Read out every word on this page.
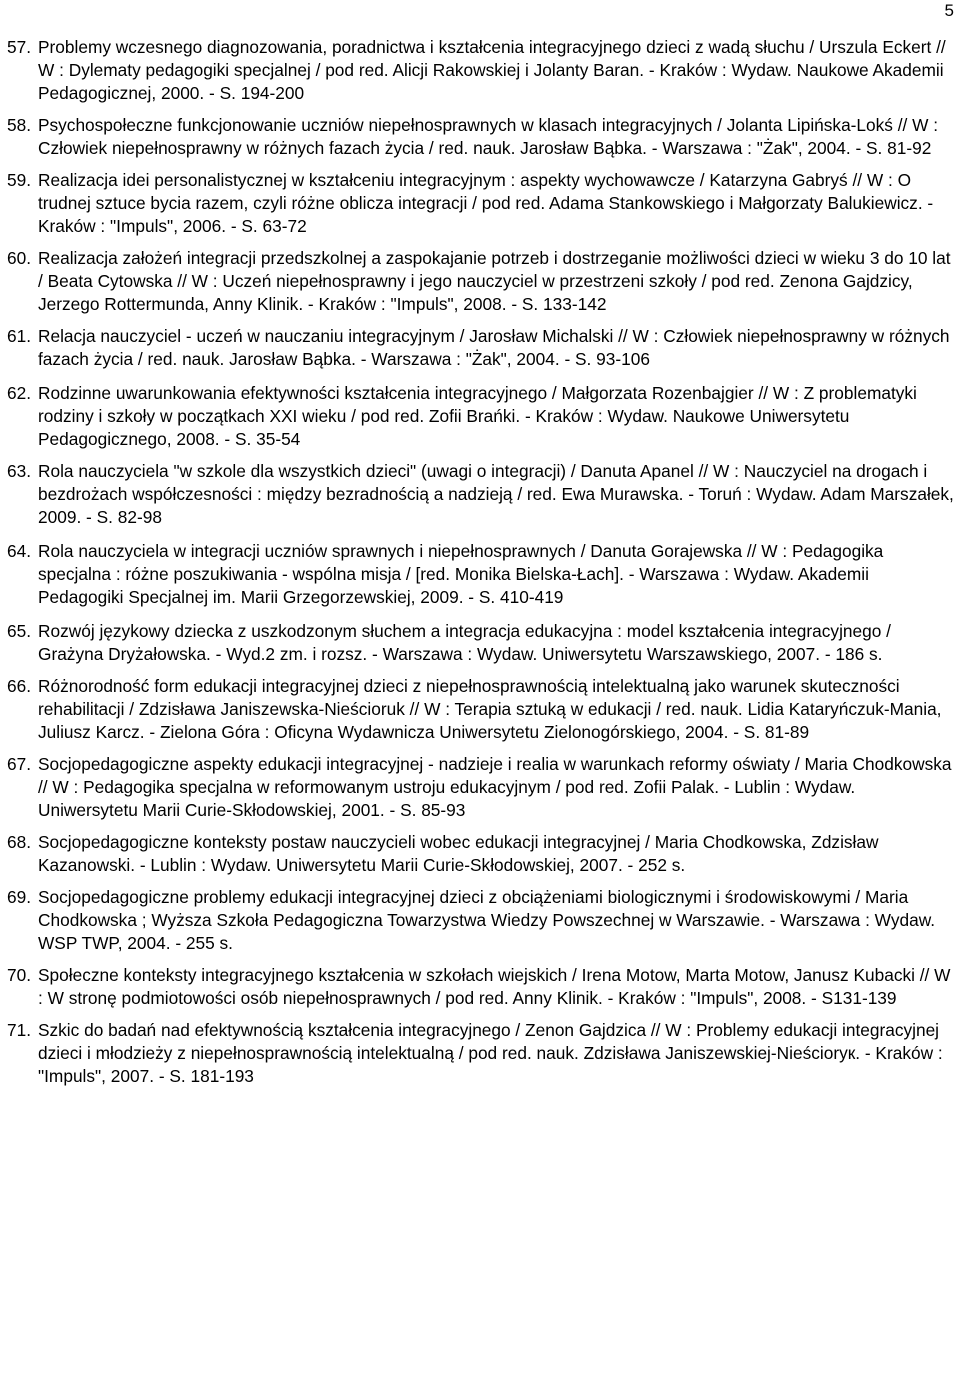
5
57. Problemy wczesnego diagnozowania, poradnictwa i kształcenia integracyjnego dzieci z wadą słuchu / Urszula Eckert // W : Dylematy pedagogiki specjalnej / pod red. Alicji Rakowskiej i Jolanty Baran. - Kraków : Wydaw. Naukowe Akademii Pedagogicznej, 2000. - S. 194-200
58. Psychospołeczne funkcjonowanie uczniów niepełnosprawnych w klasach integracyjnych / Jolanta Lipińska-Lokś // W : Człowiek niepełnosprawny w różnych fazach życia / red. nauk. Jarosław Bąbka. - Warszawa : "Żak", 2004. - S. 81-92
59. Realizacja idei personalistycznej w kształceniu integracyjnym : aspekty wychowawcze / Katarzyna Gabryś // W : O trudnej sztuce bycia razem, czyli różne oblicza integracji / pod red. Adama Stankowskiego i Małgorzaty Balukiewicz. - Kraków : "Impuls", 2006. - S. 63-72
60. Realizacja założeń integracji przedszkolnej a zaspokajanie potrzeb i dostrzeganie możliwości dzieci w wieku 3 do 10 lat / Beata Cytowska // W : Uczeń niepełnosprawny i jego nauczyciel w przestrzeni szkoły / pod red. Zenona Gajdzicy, Jerzego Rottermunda, Anny Klinik. - Kraków : "Impuls", 2008. - S. 133-142
61. Relacja nauczyciel - uczeń w nauczaniu integracyjnym / Jarosław Michalski // W : Człowiek niepełnosprawny w różnych fazach życia / red. nauk. Jarosław Bąbka. - Warszawa : "Żak", 2004. - S. 93-106
62. Rodzinne uwarunkowania efektywności kształcenia integracyjnego / Małgorzata Rozenbajgier // W : Z problematyki rodziny i szkoły w początkach XXI wieku / pod red. Zofii Brańki. - Kraków : Wydaw. Naukowe Uniwersytetu Pedagogicznego, 2008. - S. 35-54
63. Rola nauczyciela "w szkole dla wszystkich dzieci" (uwagi o integracji) / Danuta Apanel // W : Nauczyciel na drogach i bezdrożach współczesności : między bezradnością a nadzieją / red. Ewa Murawska. - Toruń : Wydaw. Adam Marszałek, 2009. - S. 82-98
64. Rola nauczyciela w integracji uczniów sprawnych i niepełnosprawnych / Danuta Gorajewska // W : Pedagogika specjalna : różne poszukiwania - wspólna misja / [red. Monika Bielska-Łach]. - Warszawa : Wydaw. Akademii Pedagogiki Specjalnej im. Marii Grzegorzewskiej, 2009. - S. 410-419
65. Rozwój językowy dziecka z uszkodzonym słuchem a integracja edukacyjna : model kształcenia integracyjnego / Grażyna Dryżałowska. - Wyd.2 zm. i rozsz. - Warszawa : Wydaw. Uniwersytetu Warszawskiego, 2007. - 186 s.
66. Różnorodność form edukacji integracyjnej dzieci z niepełnosprawnością intelektualną jako warunek skuteczności rehabilitacji / Zdzisława Janiszewska-Nieścioruk // W : Terapia sztuką w edukacji / red. nauk. Lidia Kataryńczuk-Mania, Juliusz Karcz. - Zielona Góra : Oficyna Wydawnicza Uniwersytetu Zielonogórskiego, 2004. - S. 81-89
67. Socjopedagogiczne aspekty edukacji integracyjnej - nadzieje i realia w warunkach reformy oświaty / Maria Chodkowska // W : Pedagogika specjalna w reformowanym ustroju edukacyjnym / pod red. Zofii Palak. - Lublin : Wydaw. Uniwersytetu Marii Curie-Skłodowskiej, 2001. - S. 85-93
68. Socjopedagogiczne konteksty postaw nauczycieli wobec edukacji integracyjnej / Maria Chodkowska, Zdzisław Kazanowski. - Lublin : Wydaw. Uniwersytetu Marii Curie-Skłodowskiej, 2007. - 252 s.
69. Socjopedagogiczne problemy edukacji integracyjnej dzieci z obciążeniami biologicznymi i środowiskowymi / Maria Chodkowska ; Wyższa Szkoła Pedagogiczna Towarzystwa Wiedzy Powszechnej w Warszawie. - Warszawa : Wydaw. WSP TWP, 2004. - 255 s.
70. Społeczne konteksty integracyjnego kształcenia w szkołach wiejskich / Irena Motow, Marta Motow, Janusz Kubacki // W : W stronę podmiotowości osób niepełnosprawnych / pod red. Anny Klinik. - Kraków : "Impuls", 2008. - S131-139
71. Szkic do badań nad efektywnością kształcenia integracyjnego / Zenon Gajdzica // W : Problemy edukacji integracyjnej dzieci i młodzieży z niepełnosprawnością intelektualną / pod red. nauk. Zdzisława Janiszewskiej-Nieściorук. - Kraków : "Impuls", 2007. - S. 181-193
